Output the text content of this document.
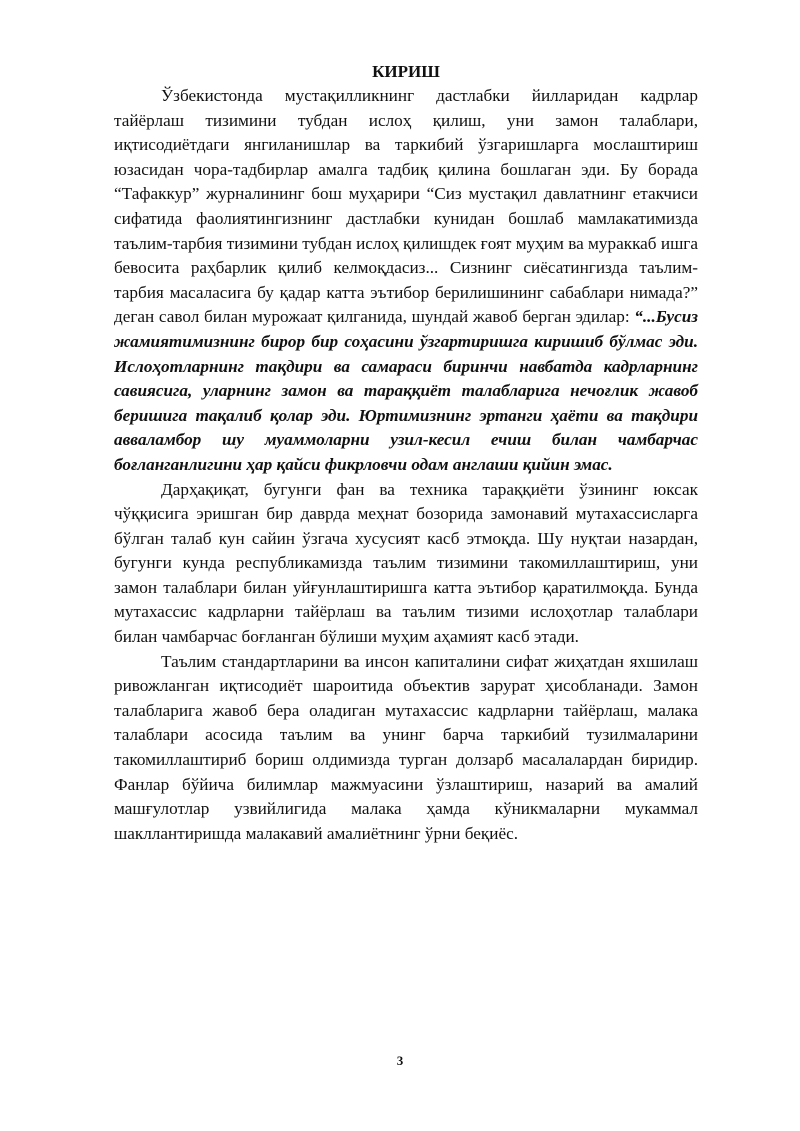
КИРИШ

Ўзбекистонда мустақилликнинг дастлабки йилларидан кадрлар тайёрлаш тизимини тубдан ислоҳ қилиш, уни замон талаблари, иқтисодиётдаги янгиланишлар ва таркибий ўзгаришларга мослаштириш юзасидан чора-тадбирлар амалга тадбиқ қилина бошлаган эди. Бу борада “Тафаккур” журналининг бош муҳарири “Сиз мустақил давлатнинг етакчиси сифатида фаолиятингизнинг дастлабки кунидан бошлаб мамлакатимизда таълим-тарбия тизимини тубдан ислоҳ қилишдек ғоят муҳим ва мураккаб ишга бевосита раҳбарлик қилиб келмоқдасиз... Сизнинг сиёсатингизда таълим-тарбия масаласига бу қадар катта эътибор берилишининг сабаблари нимада?” деган савол билан мурожаат қилганида, шундай жавоб берган эдилар: “...Бусиз жамиятимизнинг бирор бир соҳасини ўзгартиришга киришиб бўлмас эди. Ислоҳотларнинг тақдири ва самараси биринчи навбатда кадрларнинг савиясига, уларнинг замон ва тараққиёт талабларига нечоғлик жавоб беришига тақалиб қолар эди. Юртимизнинг эртанги ҳаёти ва тақдири аввaламбор шу муаммоларни узил-кесил ечиш билан чамбарчас боғланганлигини ҳар қайси фикрловчи одам англаши қийин эмас.

Дарҳақиқат, бугунги фан ва техника тараққиёти ўзининг юксак чўққисига эришган бир даврда меҳнат бозорида замонавий мутахассисларга бўлган талаб кун сайин ўзгача хусусият касб этмоқда. Шу нуқтаи назардан, бугунги кунда республикамизда таълим тизимини такомиллаштириш, уни замон талаблари билан уйғунлаштиришга катта эътибор қаратилмоқда. Бунда мутахассис кадрларни тайёрлаш ва таълим тизими ислоҳотлар талаблари билан чамбарчас боғланган бўлиши муҳим аҳамият касб этади.

Таълим стандартларини ва инсон капиталини сифат жиҳатдан яхшилаш ривожланган иқтисодиёт шароитида объектив зарурат ҳисобланади. Замон талабларига жавоб бера оладиган мутахассис кадрларни тайёрлаш, малака талаблари асосида таълим ва унинг барча таркибий тузилмаларини такомиллаштириб бориш олдимизда турган долзарб масалалардан биридир. Фанлар бўйича билимлар мажмуасини ўзлаштириш, назарий ва амалий машғулотлар узвийлигида малака ҳамда кўникмаларни мукаммал шакллантиришда малакавий амалиётнинг ўрни беқиёс.

3
